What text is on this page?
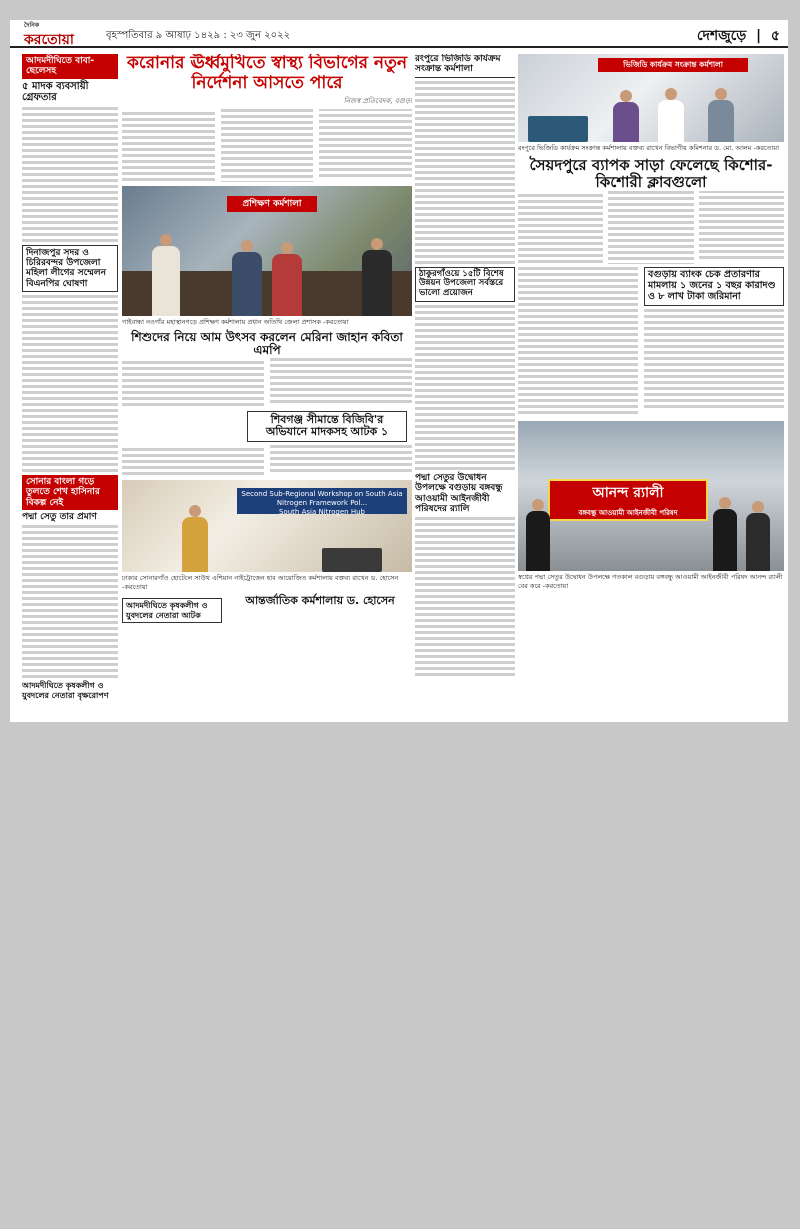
দৈনিক
করতোয়া	বৃহস্পতিবার ৯ আষাঢ় ১৪২৯ : ২৩ জুন ২০২২	দেশজুড়ে  |  ৫
আদমদীঘিতে বাবা-ছেলেসহ
৫ মাদক ব্যবসায়ী গ্রেফতার
দিনাজপুর সদর ও চিরিরবন্দর উপজেলা মহিলা লীগের সম্মেলন বিএনপির ঘোষণা
সোনার বাংলা গড়ে তুলতে শেখ হাসিনার বিকল্প নেই
পদ্মা সেতু তার প্রমাণ
আদমদীঘিতে কৃষকলীগ ও যুবদলের নেতারা বৃক্ষরোপণ
করোনার ঊর্ধ্বমুখিতে স্বাস্থ্য বিভাগের নতুন নির্দেশনা আসতে পারে
নিজস্ব প্রতিবেদক, বগুড়া
প্রশিক্ষণ কর্মশালা
গাইবান্ধা নওগাঁর মহাস্থানগড়ে প্রশিক্ষণ কর্মশালায় প্রধান অতিথি জেলা প্রশাসক -করতোয়া
শিশুদের নিয়ে আম উৎসব করলেন মেরিনা জাহান কবিতা এমপি
শিবগঞ্জ সীমান্তে বিজিবি'র অভিযানে মাদকসহ আটক ১
Second Sub-Regional Workshop on South Asia Nitrogen Framework Pol...
South Asia Nitrogen Hub
ঢাকার সোনারগাঁও হোটেলে সাউথ এশিয়ান নাইট্রোজেন হাব আয়োজিত কর্মশালায় বক্তব্য রাখেন ড. হোসেন -করতোয়া
আদমদীঘিতে কৃষকলীগ ও যুবদলের নেতারা আটক
আন্তর্জাতিক কর্মশালায় ড. হোসেন
রংপুরে ভিজিডি কার্যক্রম সংক্রান্ত কর্মশালা
ঠাকুরগাঁওয়ে ১৫টি বিশেষ উন্নয়ন উপজেলা সর্বস্তরে ভালো প্রয়োজন
পদ্মা সেতুর উদ্বোধন উপলক্ষে বগুড়ায় বঙ্গবন্ধু আওয়ামী আইনজীবী পরিষদের র‍্যালি
ভিজিডি কার্যক্রম সংক্রান্ত কর্মশালা
রংপুরে ভিজিডি কার্যক্রম সংক্রান্ত কর্মশালায় বক্তব্য রাখেন বিভাগীয় কমিশনার ড. মো. আলম -করতোয়া
সৈয়দপুরে ব্যাপক সাড়া ফেলেছে কিশোর-কিশোরী ক্লাবগুলো
বগুড়ায় ব্যাংক চেক প্রতারণার মামলায় ১ জনের ১ বছর কারাদণ্ড ও ৮ লাখ টাকা জরিমানা
আনন্দ র‍্যালী
বঙ্গবন্ধু আওয়ামী আইনজীবী পরিষদ
স্বপ্নের পদ্মা সেতুর উদ্বোধন উপলক্ষে গতকাল বগুড়ায় বঙ্গবন্ধু আওয়ামী আইনজীবী পরিষদ আনন্দ র‍্যালী বের করে -করতোয়া
